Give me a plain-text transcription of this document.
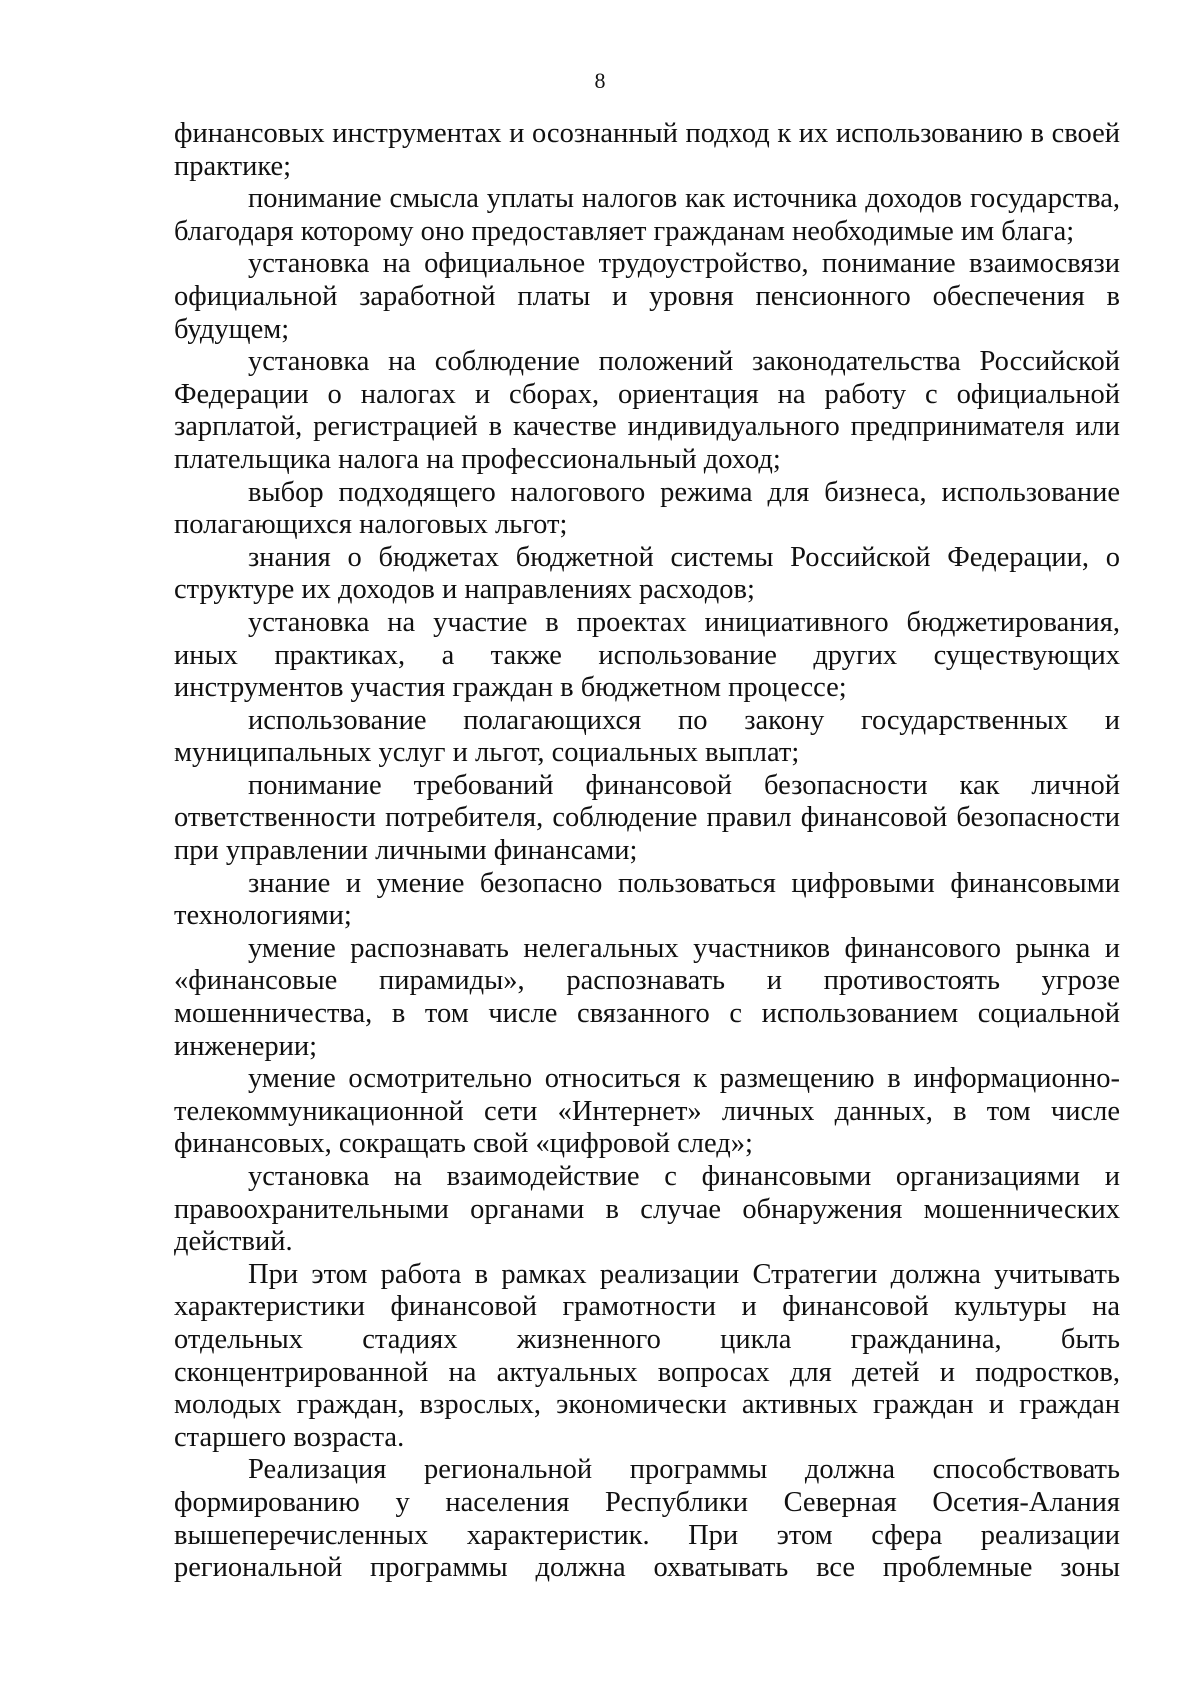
8

финансовых инструментах и осознанный подход к их использованию в своей практике;

понимание смысла уплаты налогов как источника доходов государства, благодаря которому оно предоставляет гражданам необходимые им блага;

установка на официальное трудоустройство, понимание взаимосвязи официальной заработной платы и уровня пенсионного обеспечения в будущем;

установка на соблюдение положений законодательства Российской Федерации о налогах и сборах, ориентация на работу с официальной зарплатой, регистрацией в качестве индивидуального предпринимателя или плательщика налога на профессиональный доход;

выбор подходящего налогового режима для бизнеса, использование полагающихся налоговых льгот;

знания о бюджетах бюджетной системы Российской Федерации, о структуре их доходов и направлениях расходов;

установка на участие в проектах инициативного бюджетирования, иных практиках, а также использование других существующих инструментов участия граждан в бюджетном процессе;

использование полагающихся по закону государственных и муниципальных услуг и льгот, социальных выплат;

понимание требований финансовой безопасности как личной ответственности потребителя, соблюдение правил финансовой безопасности при управлении личными финансами;

знание и умение безопасно пользоваться цифровыми финансовыми технологиями;

умение распознавать нелегальных участников финансового рынка и «финансовые пирамиды», распознавать и противостоять угрозе мошенничества, в том числе связанного с использованием социальной инженерии;

умение осмотрительно относиться к размещению в информационно-телекоммуникационной сети «Интернет» личных данных, в том числе финансовых, сокращать свой «цифровой след»;

установка на взаимодействие с финансовыми организациями и правоохранительными органами в случае обнаружения мошеннических действий.

При этом работа в рамках реализации Стратегии должна учитывать характеристики финансовой грамотности и финансовой культуры на отдельных стадиях жизненного цикла гражданина, быть сконцентрированной на актуальных вопросах для детей и подростков, молодых граждан, взрослых, экономически активных граждан и граждан старшего возраста.

Реализация региональной программы должна способствовать формированию у населения Республики Северная Осетия-Алания вышеперечисленных характеристик. При этом сфера реализации региональной программы должна охватывать все проблемные зоны
